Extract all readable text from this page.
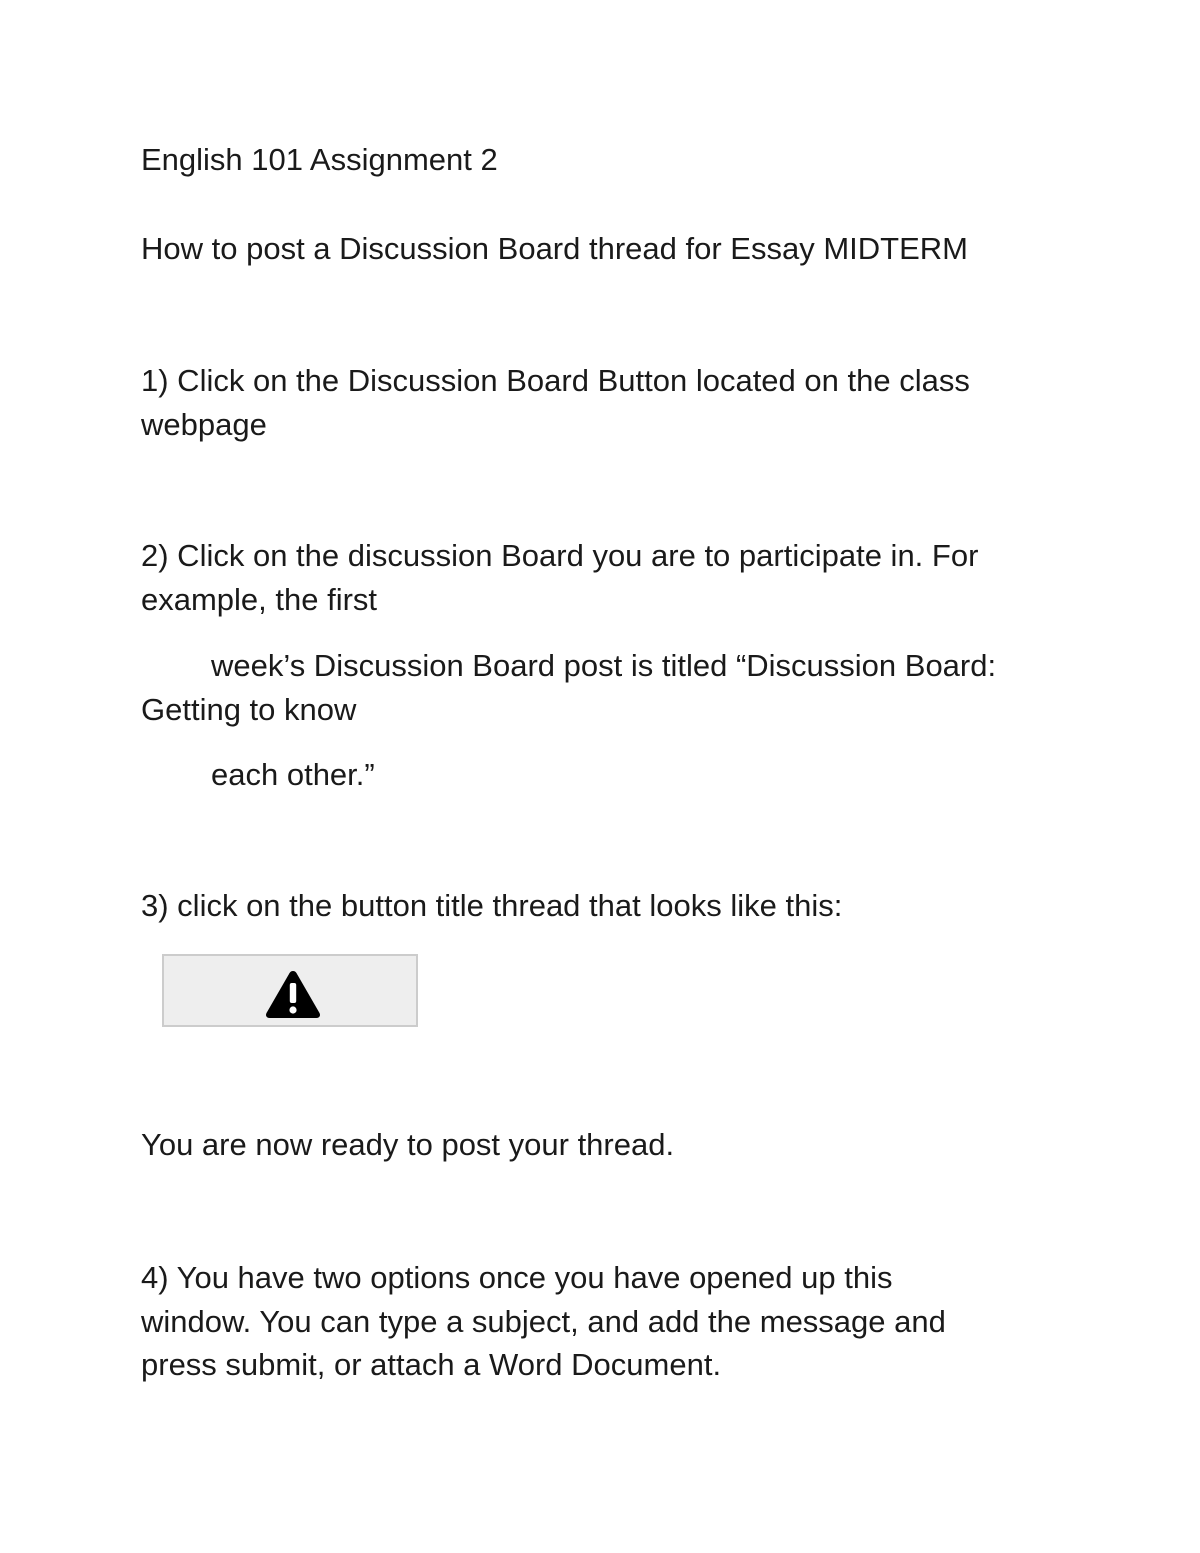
English 101 Assignment 2
How to post a Discussion Board thread for Essay MIDTERM
1) Click on the Discussion Board Button located on the class
webpage
2) Click on the discussion Board you are to participate in. For
example, the first
week’s Discussion Board post is titled “Discussion Board:
Getting to know
each other.”
3) click on the button title thread that looks like this:
You are now ready to post your thread.
4) You have two options once you have opened up this
window. You can type a subject, and add the message and
press submit, or attach a Word Document.
